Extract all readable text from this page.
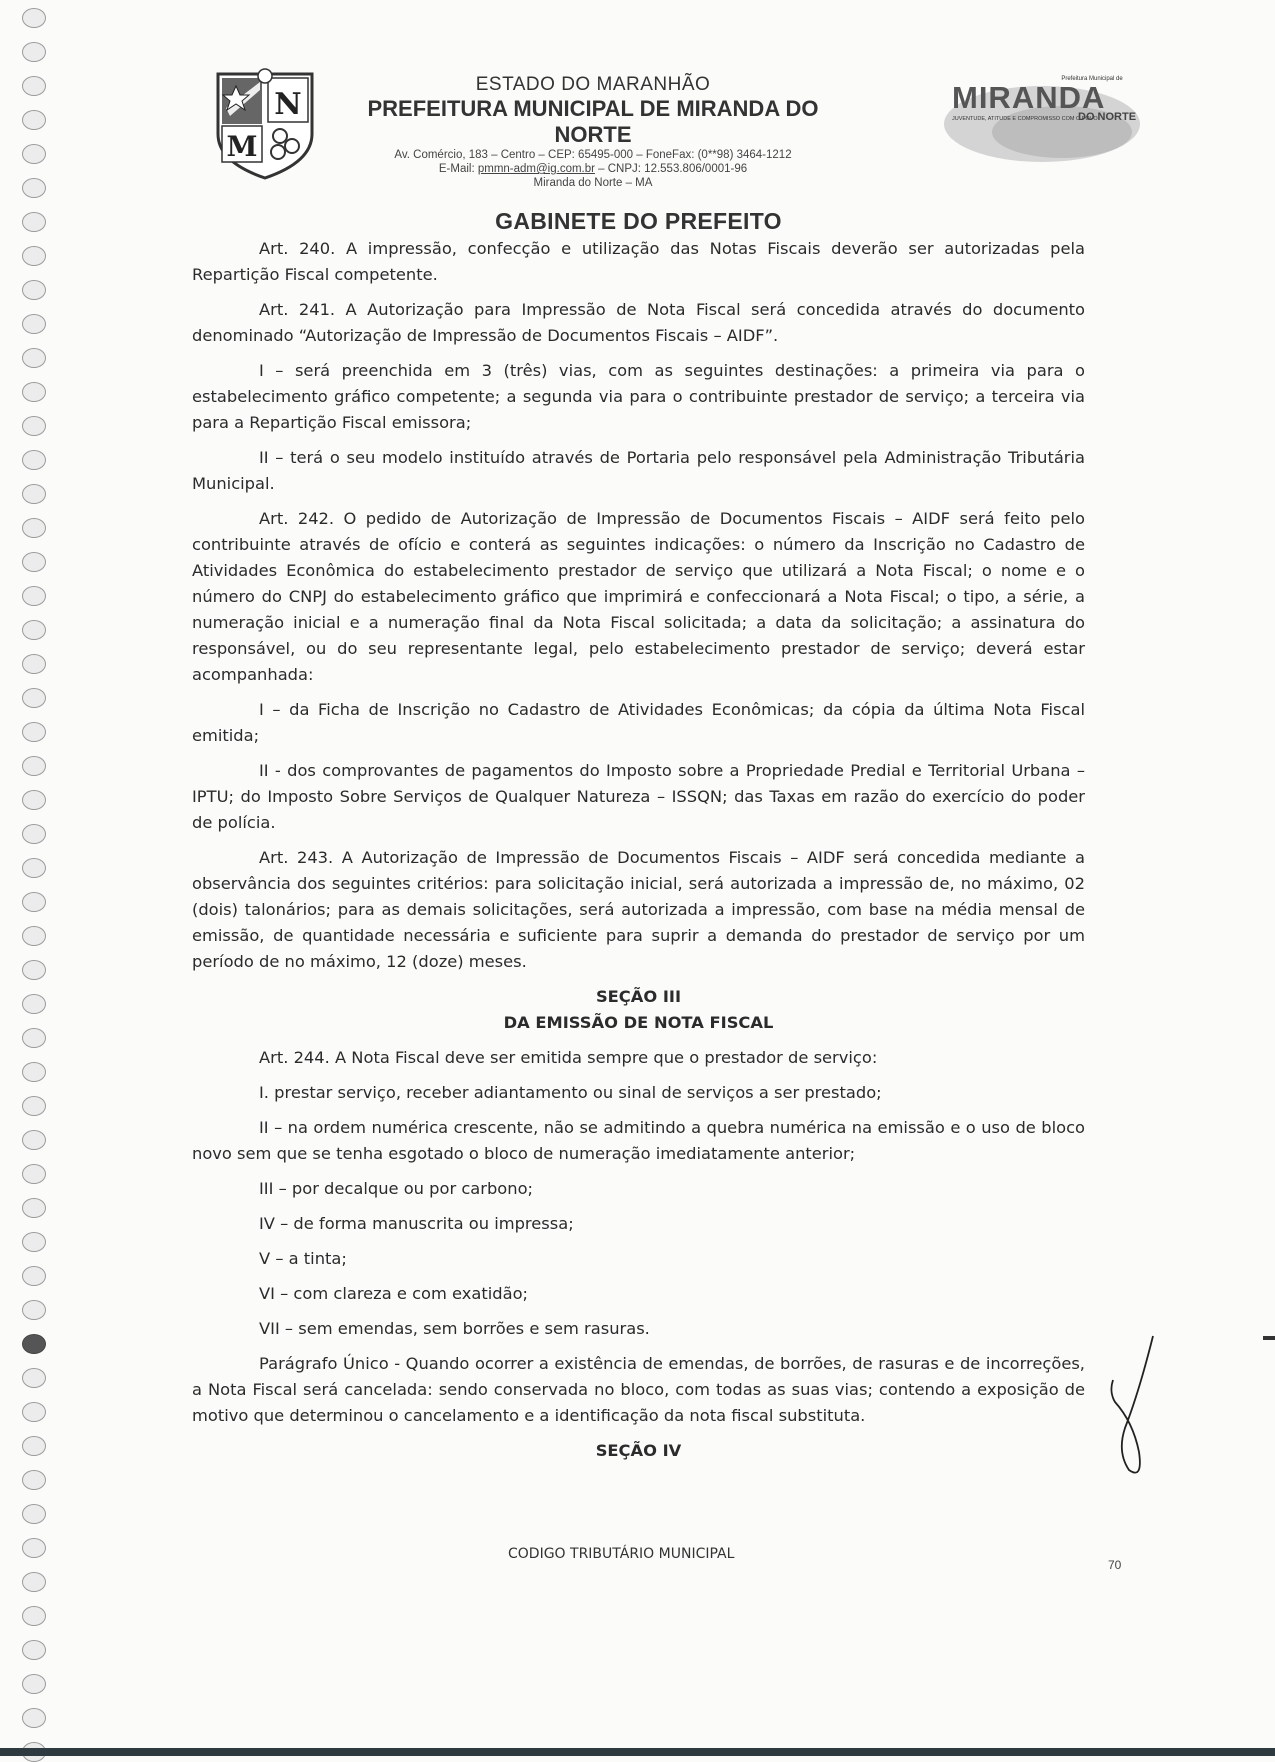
N
M
ESTADO DO MARANHÃO
PREFEITURA MUNICIPAL DE MIRANDA DO NORTE
Av. Comércio, 183 – Centro – CEP: 65495-000 – FoneFax: (0**98) 3464-1212
E-Mail: pmmn-adm@ig.com.br – CNPJ: 12.553.806/0001-96
Miranda do Norte – MA
Prefeitura Municipal de
MIRANDA
JUVENTUDE, ATITUDE E COMPROMISSO COM O POVO
DO NORTE
GABINETE DO PREFEITO

Art. 240. A impressão, confecção e utilização das Notas Fiscais deverão ser autorizadas pela Repartição Fiscal competente.

Art. 241. A Autorização para Impressão de Nota Fiscal será concedida através do documento denominado “Autorização de Impressão de Documentos Fiscais – AIDF”.

I – será preenchida em 3 (três) vias, com as seguintes destinações: a primeira via para o estabelecimento gráfico competente; a segunda via para o contribuinte prestador de serviço; a terceira via para a Repartição Fiscal emissora;

II – terá o seu modelo instituído através de Portaria pelo responsável pela Administração Tributária Municipal.

Art. 242. O pedido de Autorização de Impressão de Documentos Fiscais – AIDF será feito pelo contribuinte através de ofício e conterá as seguintes indicações: o número da Inscrição no Cadastro de Atividades Econômica do estabelecimento prestador de serviço que utilizará a Nota Fiscal; o nome e o número do CNPJ do estabelecimento gráfico que imprimirá e confeccionará a Nota Fiscal; o tipo, a série, a numeração inicial e a numeração final da Nota Fiscal solicitada; a data da solicitação; a assinatura do responsável, ou do seu representante legal, pelo estabelecimento prestador de serviço; deverá estar acompanhada:

I – da Ficha de Inscrição no Cadastro de Atividades Econômicas; da cópia da última Nota Fiscal emitida;

II - dos comprovantes de pagamentos do Imposto sobre a Propriedade Predial e Territorial Urbana – IPTU; do Imposto Sobre Serviços de Qualquer Natureza – ISSQN; das Taxas em razão do exercício do poder de polícia.

Art. 243. A Autorização de Impressão de Documentos Fiscais – AIDF será concedida mediante a observância dos seguintes critérios: para solicitação inicial, será autorizada a impressão de, no máximo, 02 (dois) talonários; para as demais solicitações, será autorizada a impressão, com base na média mensal de emissão, de quantidade necessária e suficiente para suprir a demanda do prestador de serviço por um período de no máximo, 12 (doze) meses.

SEÇÃO III

DA EMISSÃO DE NOTA FISCAL

Art. 244. A Nota Fiscal deve ser emitida sempre que o prestador de serviço:

I. prestar serviço, receber adiantamento ou sinal de serviços a ser prestado;

II – na ordem numérica crescente, não se admitindo a quebra numérica na emissão e o uso de bloco novo sem que se tenha esgotado o bloco de numeração imediatamente anterior;

III – por decalque ou por carbono;

IV – de forma manuscrita ou impressa;

V – a tinta;

VI – com clareza e com exatidão;

VII – sem emendas, sem borrões e sem rasuras.

Parágrafo Único - Quando ocorrer a existência de emendas, de borrões, de rasuras e de incorreções, a Nota Fiscal será cancelada: sendo conservada no bloco, com todas as suas vias; contendo a exposição de motivo que determinou o cancelamento e a identificação da nota fiscal substituta.

SEÇÃO IV

CODIGO TRIBUTÁRIO MUNICIPAL
70
